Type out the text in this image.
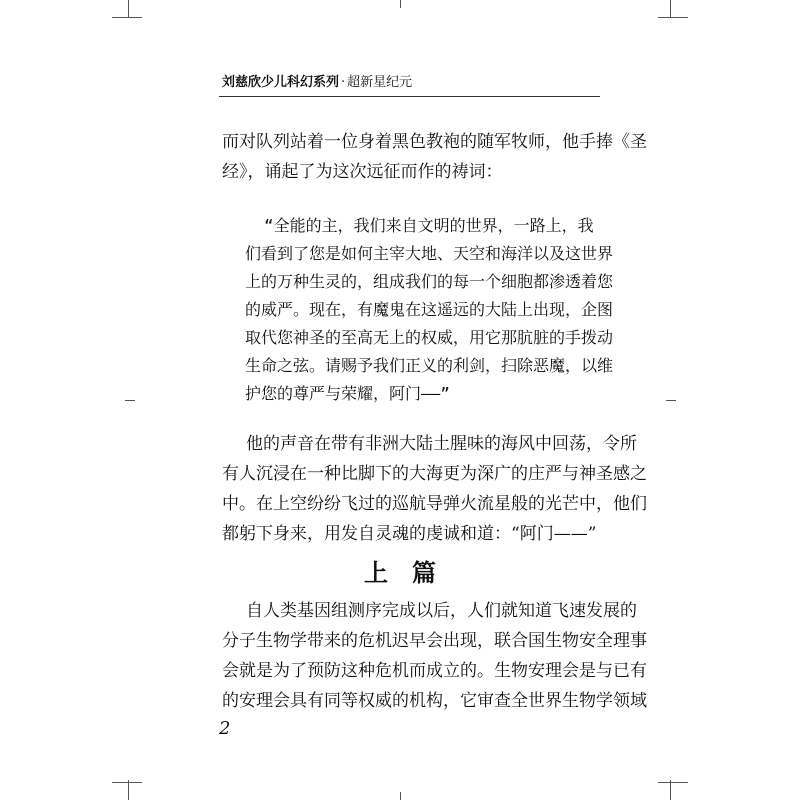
刘慈欣少儿科幻系列 · 超新星纪元
而对队列站着一位身着黑色教袍的随军牧师，他手捧《圣
经》，诵起了为这次远征而作的祷词：
“全能的主，我们来自文明的世界，一路上，我
们看到了您是如何主宰大地、天空和海洋以及这世界
上的万种生灵的，组成我们的每一个细胞都渗透着您
的威严。现在，有魔鬼在这遥远的大陆上出现，企图
取代您神圣的至高无上的权威，用它那肮脏的手拨动
生命之弦。请赐予我们正义的利剑，扫除恶魔，以维
护您的尊严与荣耀，阿门——”
他的声音在带有非洲大陆土腥味的海风中回荡，令所
有人沉浸在一种比脚下的大海更为深广的庄严与神圣感之
中。在上空纷纷飞过的巡航导弹火流星般的光芒中，他们
都躬下身来，用发自灵魂的虔诚和道：“阿门——”
上篇
自人类基因组测序完成以后，人们就知道飞速发展的
分子生物学带来的危机迟早会出现，联合国生物安全理事
会就是为了预防这种危机而成立的。生物安理会是与已有
的安理会具有同等权威的机构，它审查全世界生物学领域
2
